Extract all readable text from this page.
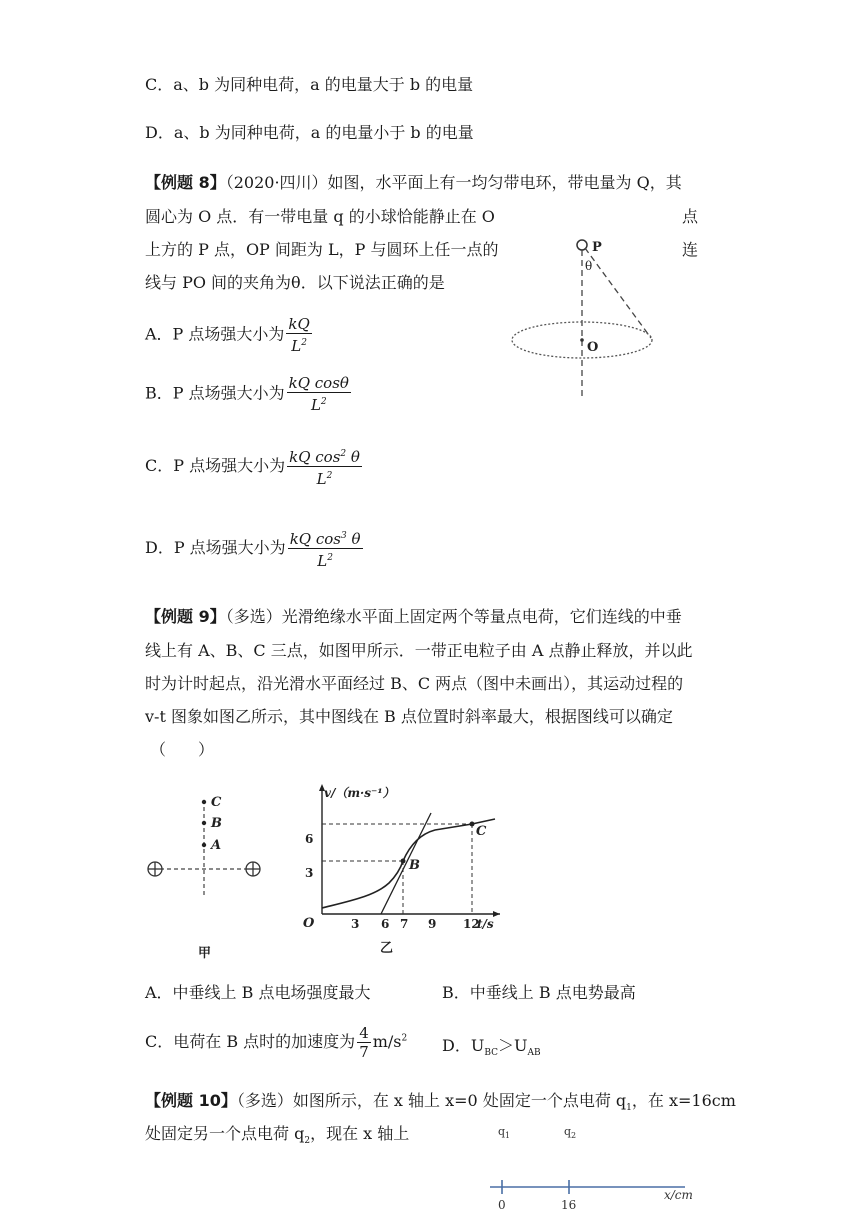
C．a、b 为同种电荷，a 的电量大于 b 的电量
D．a、b 为同种电荷，a 的电量小于 b 的电量
【例题 8】（2020·四川）如图，水平面上有一均匀带电环，带电量为 Q，其
圆心为 O 点．有一带电量 q 的小球恰能静止在 O	点
上方的 P 点，OP 间距为 L，P 与圆环上任一点的	连
线与 PO 间的夹角为θ．以下说法正确的是
P
θ
O
A．P 点场强大小为 $\frac{kQ}{L^2}$
B．P 点场强大小为 $\frac{\text{kQ cosθ}}{L^2}$
C．P 点场强大小为 $\frac{kQ \cos^2 \theta}{L^2}$
D．P 点场强大小为 $\frac{kQ \cos^3 \theta}{L^2}$
【例题 9】（多选）光滑绝缘水平面上固定两个等量点电荷，它们连线的中垂
线上有 A、B、C 三点，如图甲所示．一带正电粒子由 A 点静止释放，并以此
时为计时起点，沿光滑水平面经过 B、C 两点（图中未画出），其运动过程的
v-t 图象如图乙所示，其中图线在 B 点位置时斜率最大，根据图线可以确定
（　　）
C
B
A
甲
v/（m·s⁻¹）
t/s
O
B
C
3 6 7 9 12
3
6
乙
A．中垂线上 B 点电场强度最大	B．中垂线上 B 点电势最高
C．电荷在 B 点时的加速度为 $\frac{4}{7} m/s^2$ D．$U_{BC}>U_{AB}$
【例题 10】（多选）如图所示，在 x 轴上 x=0 处固定一个点电荷 $q_1$，在 x=16cm
处固定另一个点电荷 $q_2$，现在 x 轴上	$q_1$	$q_2$
0	16
x/cm
